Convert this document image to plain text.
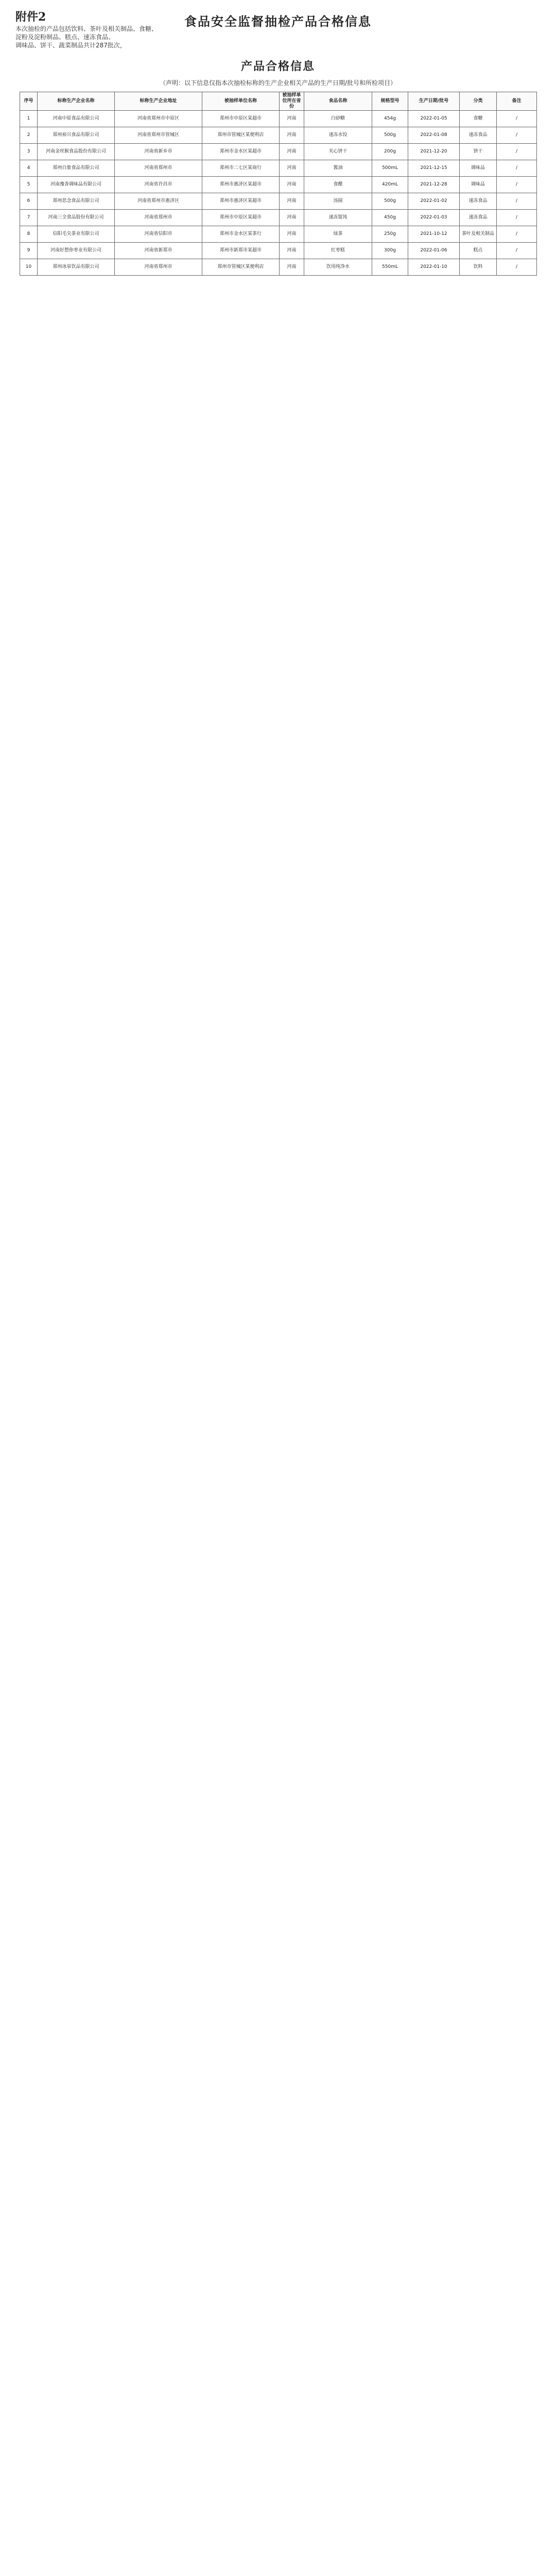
附件2
本次抽检的产品包括饮料、茶叶及相关制品、食糖、
淀粉及淀粉制品、糕点、速冻食品、
调味品、饼干、蔬菜制品共计287批次，
食品安全监督抽检产品合格信息
产品合格信息
（声明：以下信息仅指本次抽检标称的生产企业相关产品的生产日期/批号和所检项目）
序号	标称生产企业名称	标称生产企业地址	被抽样单位名称	被抽样单位所在省份	食品名称	规格型号	生产日期/批号	分类	备注
1	河南中原食品有限公司	河南省郑州市中原区	郑州市中原区某超市	河南	白砂糖	454g	2022-01-05	食糖	/
2	郑州裕兴食品有限公司	河南省郑州市管城区	郑州市管城区某便利店	河南	速冻水饺	500g	2022-01-08	速冻食品	/
3	河南金丝猴食品股份有限公司	河南省新乡市	郑州市金水区某超市	河南	夹心饼干	200g	2021-12-20	饼干	/
4	郑州白象食品有限公司	河南省郑州市	郑州市二七区某商行	河南	酱油	500mL	2021-12-15	调味品	/
5	河南豫香调味品有限公司	河南省许昌市	郑州市惠济区某超市	河南	食醋	420mL	2021-12-28	调味品	/
6	郑州思念食品有限公司	河南省郑州市惠济区	郑州市惠济区某超市	河南	汤圆	500g	2022-01-02	速冻食品	/
7	河南三全食品股份有限公司	河南省郑州市	郑州市中原区某超市	河南	速冻馄饨	450g	2022-01-03	速冻食品	/
8	信阳毛尖茶业有限公司	河南省信阳市	郑州市金水区某茶行	河南	绿茶	250g	2021-10-12	茶叶及相关制品	/
9	河南好想你枣业有限公司	河南省新郑市	郑州市新郑市某超市	河南	红枣糕	300g	2022-01-06	糕点	/
10	郑州冰泉饮品有限公司	河南省郑州市	郑州市管城区某便利店	河南	饮用纯净水	550mL	2022-01-10	饮料	/
